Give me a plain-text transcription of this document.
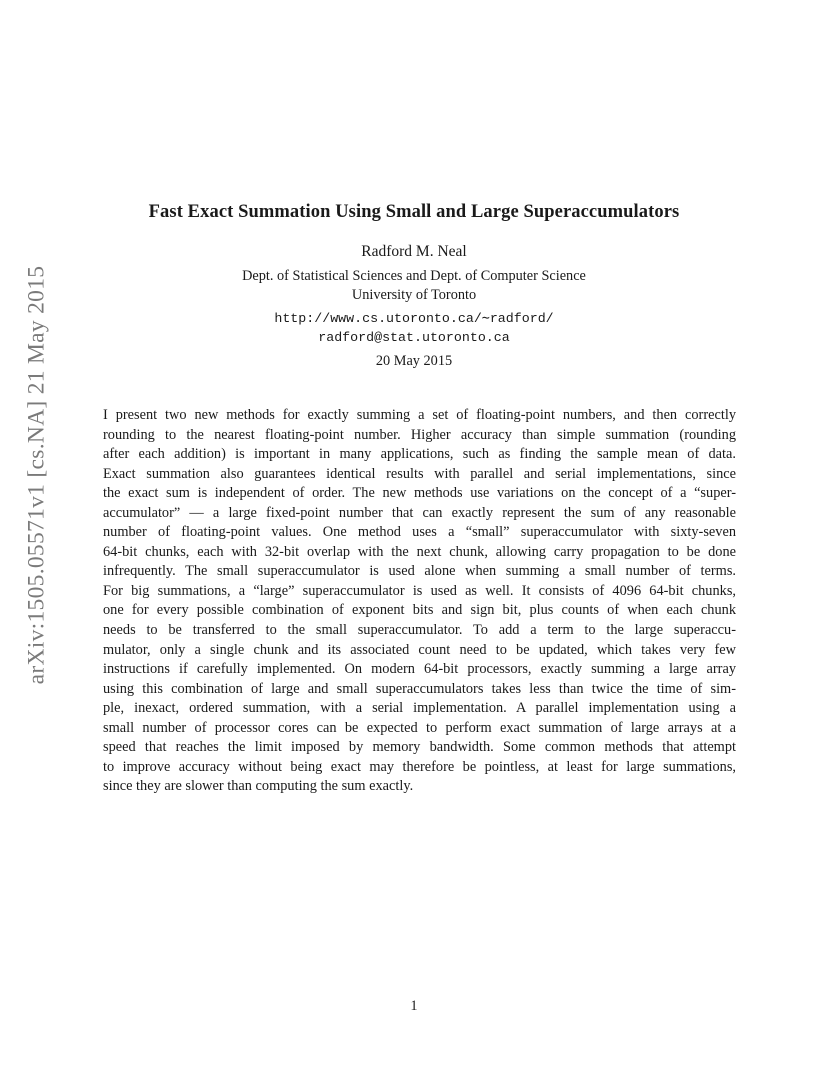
arXiv:1505.05571v1 [cs.NA] 21 May 2015
Fast Exact Summation Using Small and Large Superaccumulators
Radford M. Neal
Dept. of Statistical Sciences and Dept. of Computer Science
University of Toronto
http://www.cs.utoronto.ca/∼radford/
radford@stat.utoronto.ca
20 May 2015
I present two new methods for exactly summing a set of floating-point numbers, and then correctly
rounding to the nearest floating-point number. Higher accuracy than simple summation (rounding
after each addition) is important in many applications, such as finding the sample mean of data.
Exact summation also guarantees identical results with parallel and serial implementations, since
the exact sum is independent of order. The new methods use variations on the concept of a “super-
accumulator” — a large fixed-point number that can exactly represent the sum of any reasonable
number of floating-point values. One method uses a “small” superaccumulator with sixty-seven
64-bit chunks, each with 32-bit overlap with the next chunk, allowing carry propagation to be done
infrequently. The small superaccumulator is used alone when summing a small number of terms.
For big summations, a “large” superaccumulator is used as well. It consists of 4096 64-bit chunks,
one for every possible combination of exponent bits and sign bit, plus counts of when each chunk
needs to be transferred to the small superaccumulator. To add a term to the large superaccu-
mulator, only a single chunk and its associated count need to be updated, which takes very few
instructions if carefully implemented. On modern 64-bit processors, exactly summing a large array
using this combination of large and small superaccumulators takes less than twice the time of sim-
ple, inexact, ordered summation, with a serial implementation. A parallel implementation using a
small number of processor cores can be expected to perform exact summation of large arrays at a
speed that reaches the limit imposed by memory bandwidth. Some common methods that attempt
to improve accuracy without being exact may therefore be pointless, at least for large summations,
since they are slower than computing the sum exactly.
1
